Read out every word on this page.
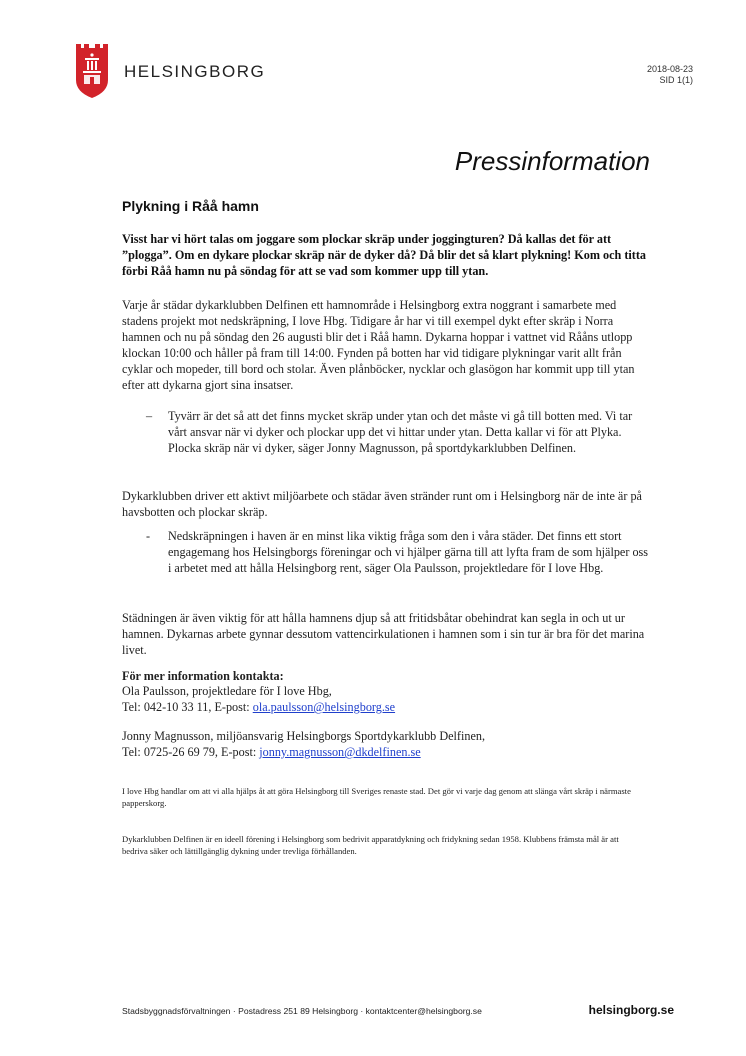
HELSINGBORG	2018-08-23
SID 1(1)
Pressinformation
Plykning i Råå hamn
Visst har vi hört talas om joggare som plockar skräp under joggingturen? Då kallas det för att ”plogga”. Om en dykare plockar skräp när de dyker då? Då blir det så klart plykning! Kom och titta förbi Råå hamn nu på söndag för att se vad som kommer upp till ytan.
Varje år städar dykarklubben Delfinen ett hamnområde i Helsingborg extra noggrant i samarbete med stadens projekt mot nedskräpning, I love Hbg. Tidigare år har vi till exempel dykt efter skräp i Norra hamnen och nu på söndag den 26 augusti blir det i Råå hamn. Dykarna hoppar i vattnet vid Rååns utlopp klockan 10:00 och håller på fram till 14:00. Fynden på botten har vid tidigare plykningar varit allt från cyklar och mopeder, till bord och stolar. Även plånböcker, nycklar och glasögon har kommit upp till ytan efter att dykarna gjort sina insatser.
– Tyvärr är det så att det finns mycket skräp under ytan och det måste vi gå till botten med. Vi tar vårt ansvar när vi dyker och plockar upp det vi hittar under ytan. Detta kallar vi för att Plyka. Plocka skräp när vi dyker, säger Jonny Magnusson, på sportdykarklubben Delfinen.
Dykarklubben driver ett aktivt miljöarbete och städar även stränder runt om i Helsingborg när de inte är på havsbotten och plockar skräp.
- Nedskräpningen i haven är en minst lika viktig fråga som den i våra städer. Det finns ett stort engagemang hos Helsingborgs föreningar och vi hjälper gärna till att lyfta fram de som hjälper oss i arbetet med att hålla Helsingborg rent, säger Ola Paulsson, projektledare för I love Hbg.
Städningen är även viktig för att hålla hamnens djup så att fritidsbåtar obehindrat kan segla in och ut ur hamnen. Dykarnas arbete gynnar dessutom vattencirkulationen i hamnen som i sin tur är bra för det marina livet.
För mer information kontakta:
Ola Paulsson, projektledare för I love Hbg,
Tel: 042-10 33 11, E-post: ola.paulsson@helsingborg.se
Jonny Magnusson, miljöansvarig Helsingborgs Sportdykarklubb Delfinen,
Tel: 0725-26 69 79, E-post: jonny.magnusson@dkdelfinen.se
I love Hbg handlar om att vi alla hjälps åt att göra Helsingborg till Sveriges renaste stad. Det gör vi varje dag genom att slänga vårt skräp i närmaste papperskorg.
Dykarklubben Delfinen är en ideell förening i Helsingborg som bedrivit apparatdykning och fridykning sedan 1958. Klubbens främsta mål är att bedriva säker och lättillgänglig dykning under trevliga förhållanden.
Stadsbyggnadsförvaltningen · Postadress 251 89 Helsingborg · kontaktcenter@helsingborg.se	helsingborg.se
